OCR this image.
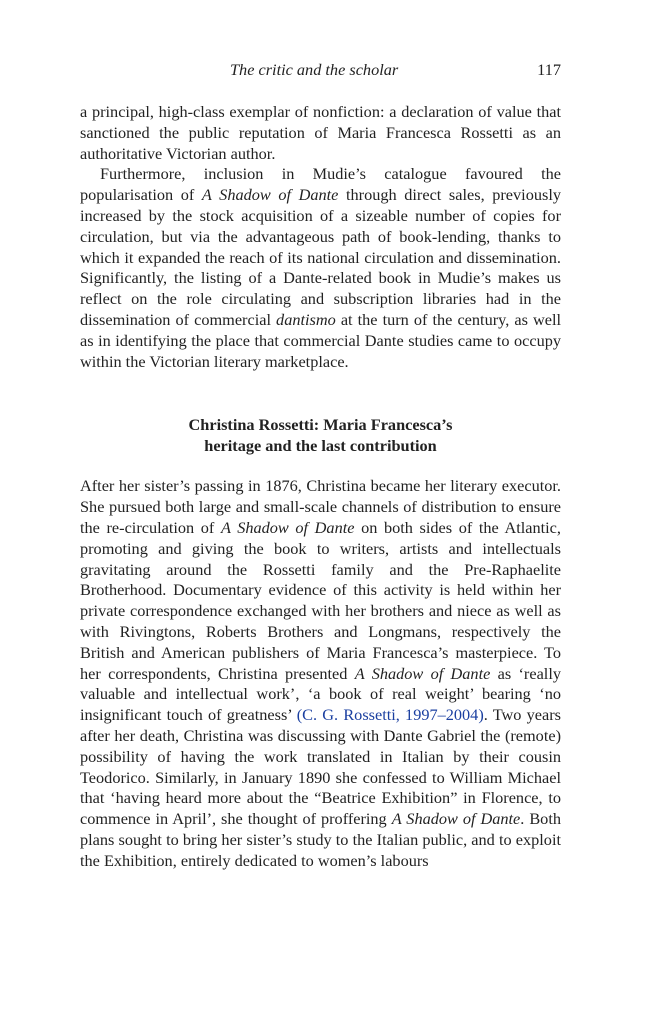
The critic and the scholar	117

a principal, high-class exemplar of nonfiction: a declaration of value that sanctioned the public reputation of Maria Francesca Rossetti as an authoritative Victorian author.

Furthermore, inclusion in Mudie’s catalogue favoured the popularisation of A Shadow of Dante through direct sales, previously increased by the stock acquisition of a sizeable number of copies for circulation, but via the advantageous path of book-lending, thanks to which it expanded the reach of its national circulation and dissemination. Significantly, the listing of a Dante-related book in Mudie’s makes us reflect on the role circulating and subscription libraries had in the dissemination of commercial dantismo at the turn of the century, as well as in identifying the place that commercial Dante studies came to occupy within the Victorian literary marketplace.

Christina Rossetti: Maria Francesca’s
heritage and the last contribution

After her sister’s passing in 1876, Christina became her literary executor. She pursued both large and small-scale channels of distribution to ensure the re-circulation of A Shadow of Dante on both sides of the Atlantic, promoting and giving the book to writers, artists and intellectuals gravitating around the Rossetti family and the Pre-Raphaelite Brotherhood. Documentary evidence of this activity is held within her private correspondence exchanged with her brothers and niece as well as with Rivingtons, Roberts Brothers and Longmans, respectively the British and American publishers of Maria Francesca’s masterpiece. To her correspondents, Christina presented A Shadow of Dante as ‘really valuable and intellectual work’, ‘a book of real weight’ bearing ‘no insignificant touch of greatness’ (C. G. Rossetti, 1997–2004). Two years after her death, Christina was discussing with Dante Gabriel the (remote) possibility of having the work translated in Italian by their cousin Teodorico. Similarly, in January 1890 she confessed to William Michael that ‘having heard more about the “Beatrice Exhibition” in Florence, to commence in April’, she thought of proffering A Shadow of Dante. Both plans sought to bring her sister’s study to the Italian public, and to exploit the Exhibition, entirely dedicated to women’s labours
